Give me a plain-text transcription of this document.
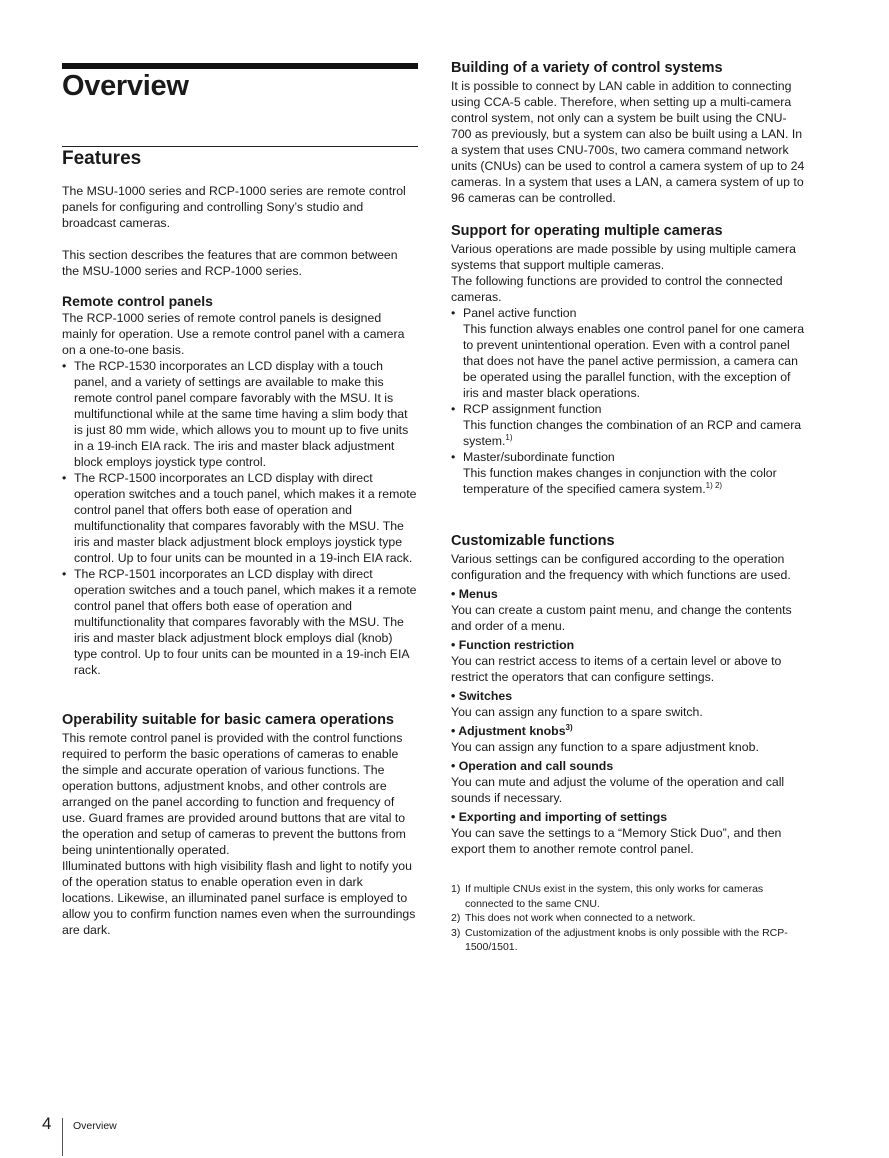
Overview
Features

The MSU-1000 series and RCP-1000 series are remote control panels for configuring and controlling Sony’s studio and broadcast cameras.

This section describes the features that are common between the MSU-1000 series and RCP-1000 series.

Remote control panels

The RCP-1000 series of remote control panels is designed mainly for operation. Use a remote control panel with a camera on a one-to-one basis.

• The RCP-1530 incorporates an LCD display with a touch panel, and a variety of settings are available to make this remote control panel compare favorably with the MSU. It is multifunctional while at the same time having a slim body that is just 80 mm wide, which allows you to mount up to five units in a 19-inch EIA rack. The iris and master black adjustment block employs joystick type control.
• The RCP-1500 incorporates an LCD display with direct operation switches and a touch panel, which makes it a remote control panel that offers both ease of operation and multifunctionality that compares favorably with the MSU. The iris and master black adjustment block employs joystick type control. Up to four units can be mounted in a 19-inch EIA rack.
• The RCP-1501 incorporates an LCD display with direct operation switches and a touch panel, which makes it a remote control panel that offers both ease of operation and multifunctionality that compares favorably with the MSU. The iris and master black adjustment block employs dial (knob) type control. Up to four units can be mounted in a 19-inch EIA rack.

Operability suitable for basic camera operations

This remote control panel is provided with the control functions required to perform the basic operations of cameras to enable the simple and accurate operation of various functions. The operation buttons, adjustment knobs, and other controls are arranged on the panel according to function and frequency of use. Guard frames are provided around buttons that are vital to the operation and setup of cameras to prevent the buttons from being unintentionally operated.

Illuminated buttons with high visibility flash and light to notify you of the operation status to enable operation even in dark locations. Likewise, an illuminated panel surface is employed to allow you to confirm function names even when the surroundings are dark.

Building of a variety of control systems

It is possible to connect by LAN cable in addition to connecting using CCA-5 cable. Therefore, when setting up a multi-camera control system, not only can a system be built using the CNU-700 as previously, but a system can also be built using a LAN. In a system that uses CNU-700s, two camera command network units (CNUs) can be used to control a camera system of up to 24 cameras. In a system that uses a LAN, a camera system of up to 96 cameras can be controlled.

Support for operating multiple cameras

Various operations are made possible by using multiple camera systems that support multiple cameras.

The following functions are provided to control the connected cameras.

• Panel active function
This function always enables one control panel for one camera to prevent unintentional operation. Even with a control panel that does not have the panel active permission, a camera can be operated using the parallel function, with the exception of iris and master black operations.
• RCP assignment function
This function changes the combination of an RCP and camera system.$^{1)}$
• Master/subordinate function
This function makes changes in conjunction with the color temperature of the specified camera system.$^{1) 2)}$

Customizable functions

Various settings can be configured according to the operation configuration and the frequency with which functions are used.

• Menus

You can create a custom paint menu, and change the contents and order of a menu.

• Function restriction

You can restrict access to items of a certain level or above to restrict the operators that can configure settings.

• Switches

You can assign any function to a spare switch.

• Adjustment knobs$^{3)}$

You can assign any function to a spare adjustment knob.

• Operation and call sounds

You can mute and adjust the volume of the operation and call sounds if necessary.

• Exporting and importing of settings

You can save the settings to a “Memory Stick Duo”, and then export them to another remote control panel.

1) If multiple CNUs exist in the system, this only works for cameras connected to the same CNU.
2) This does not work when connected to a network.
3) Customization of the adjustment knobs is only possible with the RCP-1500/1501.
4 Overview
